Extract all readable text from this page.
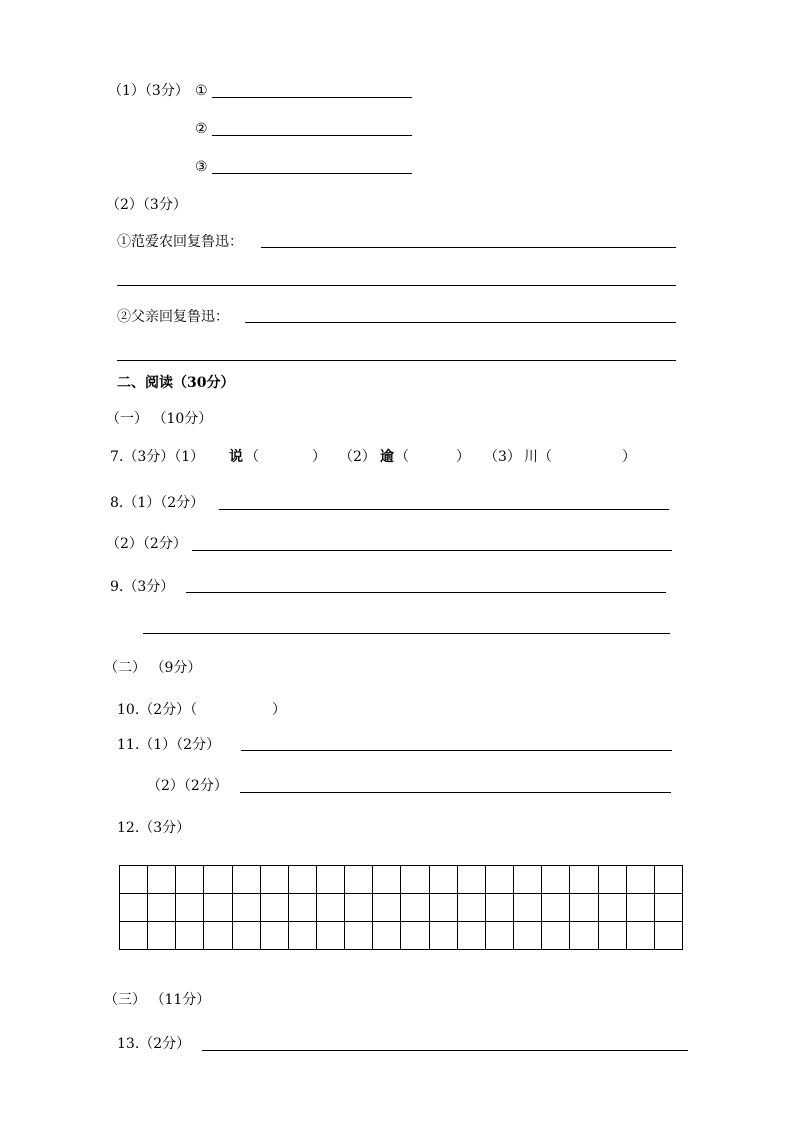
（1）（3分） ①
②
③
（2）（3分）
①范爱农回复鲁迅：
②父亲回复鲁迅：
二、阅读（30分）
（一） （10分）
7.（3分）（1） 说 （	） （2） 逾 （	） （3） 川 （	）
8.（1）（2分）
（2）（2分）
9.（3分）
（二） （9分）
10.（2分）（	）
11.（1）（2分）
（2）（2分）
12.（3分）
（三） （11分）
13.（2分）
